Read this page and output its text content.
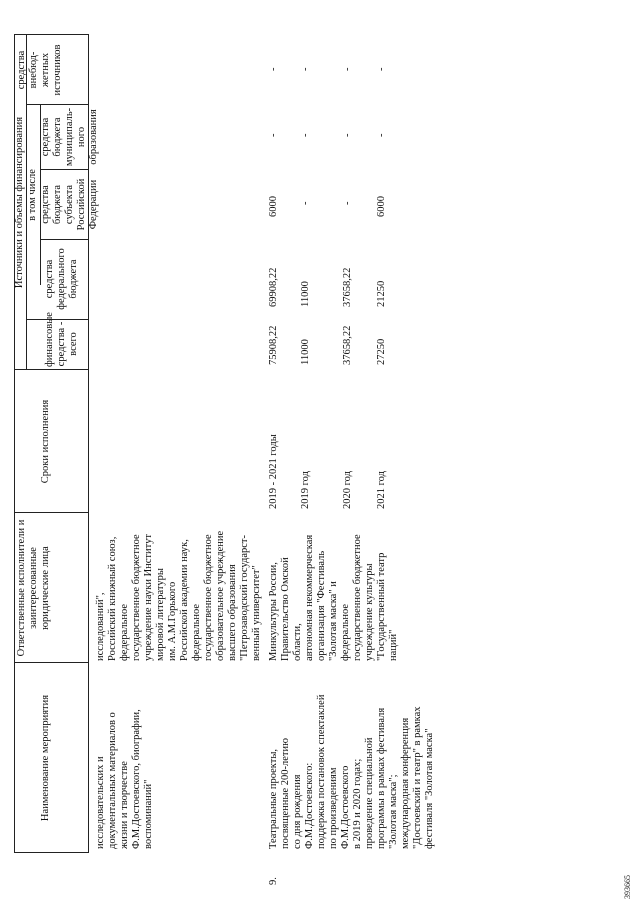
Наименование мероприятия
Ответственные исполнители и заинтересованные юридические лица
Сроки исполнения
Источники и объемы финансирования
финансовые средства - всего
в том числе
средства федерального бюджета
средства бюджета субъекта Российской Федерации
средства бюджета муниципаль-ного образования
средства внебюд-жетных источников
исследовательских и
документальных материалов о
жизни и творчестве
Ф.М.Достоевского, биографии,
воспоминаний"
исследований",
Российский книжный союз,
федеральное
государственное бюджетное
учреждение науки Институт
мировой литературы
им. А.М.Горького
Российской академии наук,
федеральное
государственное бюджетное
образовательное учреждение
высшего образования
"Петрозаводский государст-
венный университет"
9.
Театральные проекты,
посвященные 200-летию
со дня рождения
Ф.М.Достоевского:
поддержка постановок спектаклей
по произведениям
Ф.М.Достоевского
в 2019 и 2020 годах;
проведение специальной
программы в рамках фестиваля
"Золотая маска";
международная конференция
"Достоевский и театр" в рамках
фестиваля "Золотая маска"
Минкультуры России,
Правительство Омской
области,
автономная некоммерческая
организация "Фестиваль
"Золотая маска" и
федеральное
государственное бюджетное
учреждение культуры
"Государственный театр
наций"
2019 - 2021 годы
75908,22
69908,22
6000
-
-
2019 год
11000
11000
-
-
-
2020 год
37658,22
37658,22
-
-
-
2021 год
27250
21250
6000
-
-
393665
